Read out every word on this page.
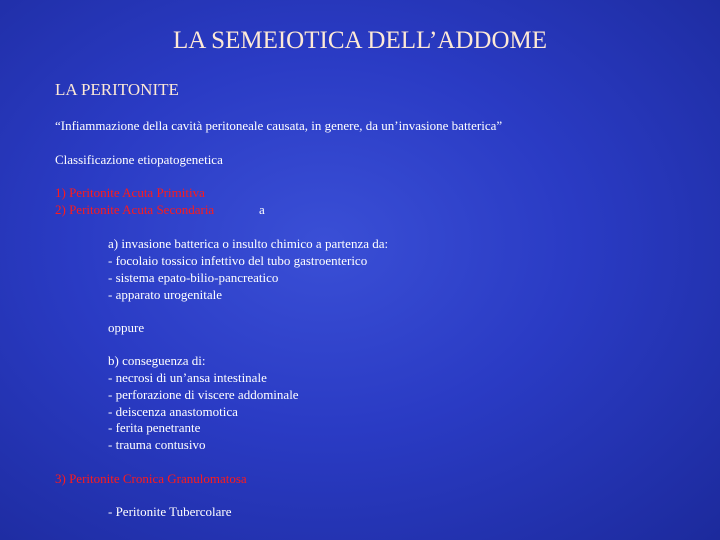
LA SEMEIOTICA DELL’ADDOME
LA PERITONITE
“Infiammazione della cavità peritoneale causata, in genere, da un’invasione batterica”
Classificazione etiopatogenetica
1) Peritonite Acuta Primitiva
2) Peritonite Acuta Secondaria	a
a) invasione batterica o insulto chimico a partenza da:
- focolaio tossico infettivo del tubo gastroenterico
- sistema epato-bilio-pancreatico
- apparato urogenitale
oppure
b) conseguenza di:
- necrosi di un’ansa intestinale
- perforazione di viscere addominale
- deiscenza anastomotica
- ferita penetrante
- trauma contusivo
3) Peritonite Cronica Granulomatosa
- Peritonite Tubercolare
